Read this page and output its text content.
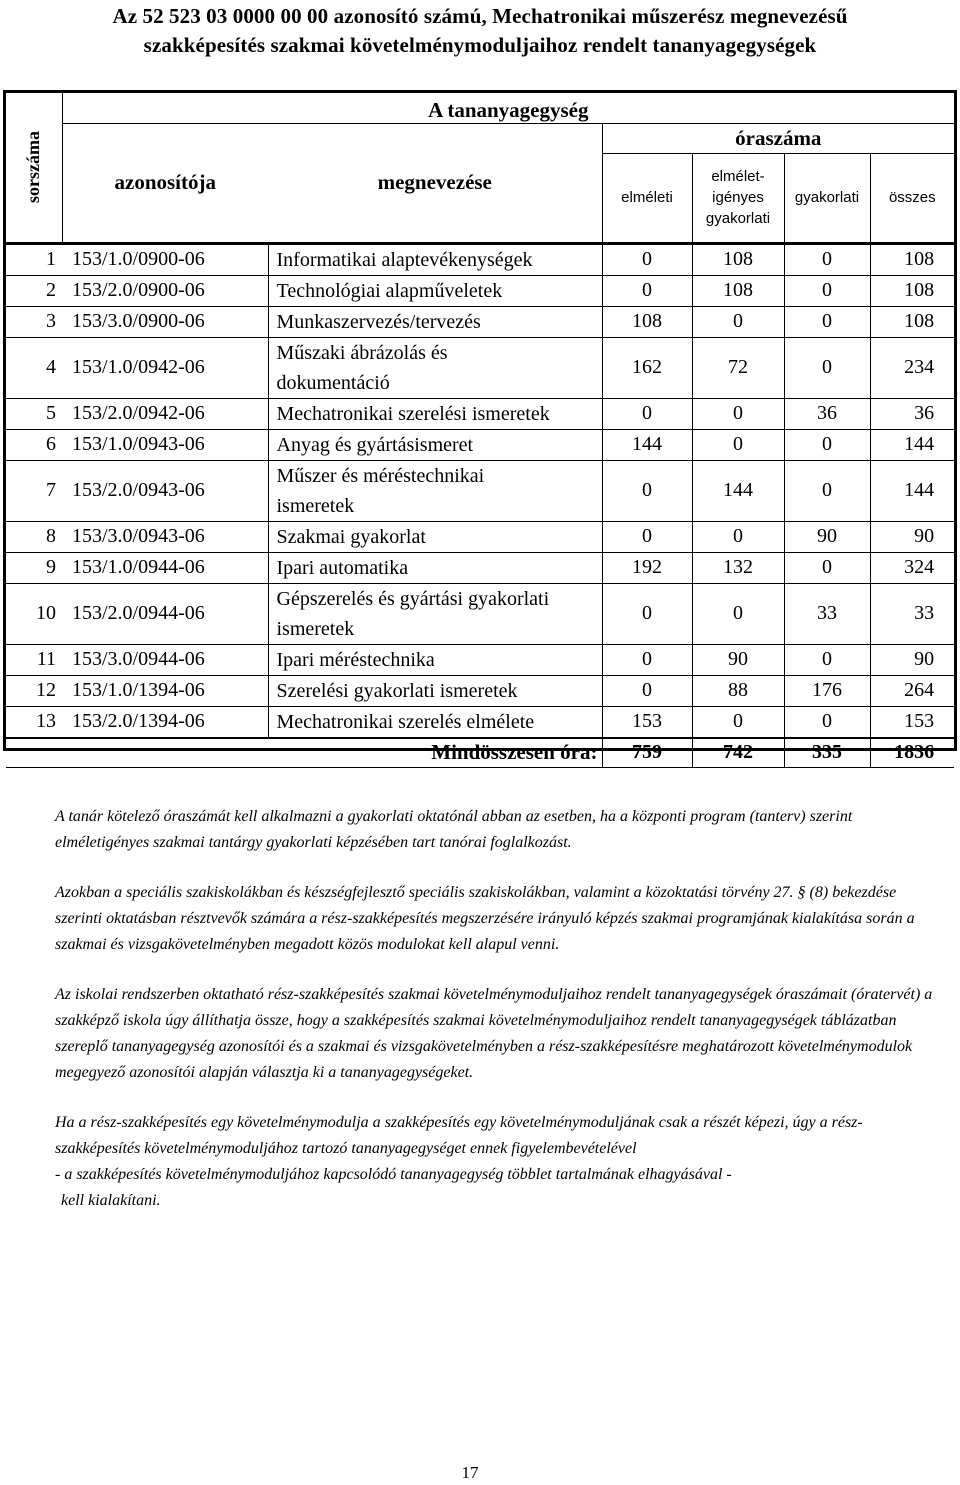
Az 52 523 03 0000 00 00 azonosító számú, Mechatronikai műszerész megnevezésű
szakképesítés szakmai követelménymoduljaihoz rendelt tananyagegységek
sorszáma	A tananyagegység					
	azonosítója	megnevezése	óraszáma			
			elméleti	elmélet-
igényes
gyakorlati	gyakorlati	összes
1	153/1.0/0900-06	Informatikai alaptevékenységek	0	108	0	108
2	153/2.0/0900-06	Technológiai alapműveletek	0	108	0	108
3	153/3.0/0900-06	Munkaszervezés/tervezés	108	0	0	108
4	153/1.0/0942-06	Műszaki ábrázolás és
dokumentáció	162	72	0	234
5	153/2.0/0942-06	Mechatronikai szerelési ismeretek	0	0	36	36
6	153/1.0/0943-06	Anyag és gyártásismeret	144	0	0	144
7	153/2.0/0943-06	Műszer és méréstechnikai
ismeretek	0	144	0	144
8	153/3.0/0943-06	Szakmai gyakorlat	0	0	90	90
9	153/1.0/0944-06	Ipari automatika	192	132	0	324
10	153/2.0/0944-06	Gépszerelés és gyártási gyakorlati
ismeretek	0	0	33	33
11	153/3.0/0944-06	Ipari méréstechnika	0	90	0	90
12	153/1.0/1394-06	Szerelési gyakorlati ismeretek	0	88	176	264
13	153/2.0/1394-06	Mechatronikai szerelés elmélete	153	0	0	153
Mindösszesen óra:			759	742	335	1836

A tanár kötelező óraszámát kell alkalmazni a gyakorlati oktatónál abban az esetben, ha a központi program (tanterv) szerint elméletigényes szakmai tantárgy gyakorlati képzésében tart tanórai foglalkozást.

Azokban a speciális szakiskolákban és készségfejlesztő speciális szakiskolákban, valamint a közoktatási törvény 27. § (8) bekezdése szerinti oktatásban résztvevők számára a rész-szakképesítés megszerzésére irányuló képzés szakmai programjának kialakítása során a szakmai és vizsgakövetelményben megadott közös modulokat kell alapul venni.

Az iskolai rendszerben oktatható rész-szakképesítés szakmai követelménymoduljaihoz rendelt tananyagegységek óraszámait (óratervét) a szakképző iskola úgy állíthatja össze, hogy a szakképesítés szakmai követelménymoduljaihoz rendelt tananyagegységek táblázatban szereplő tananyagegység azonosítói és a szakmai és vizsgakövetelményben a rész-szakképesítésre meghatározott követelménymodulok megegyező azonosítói alapján választja ki a tananyagegységeket.

Ha a rész-szakképesítés egy követelménymodulja a szakképesítés egy követelménymoduljának csak a részét képezi, úgy a rész-szakképesítés követelménymoduljához tartozó tananyagegységet ennek figyelembevételével

- a szakképesítés követelménymoduljához kapcsolódó tananyagegység többlet tartalmának elhagyásával -

kell kialakítani.

17
